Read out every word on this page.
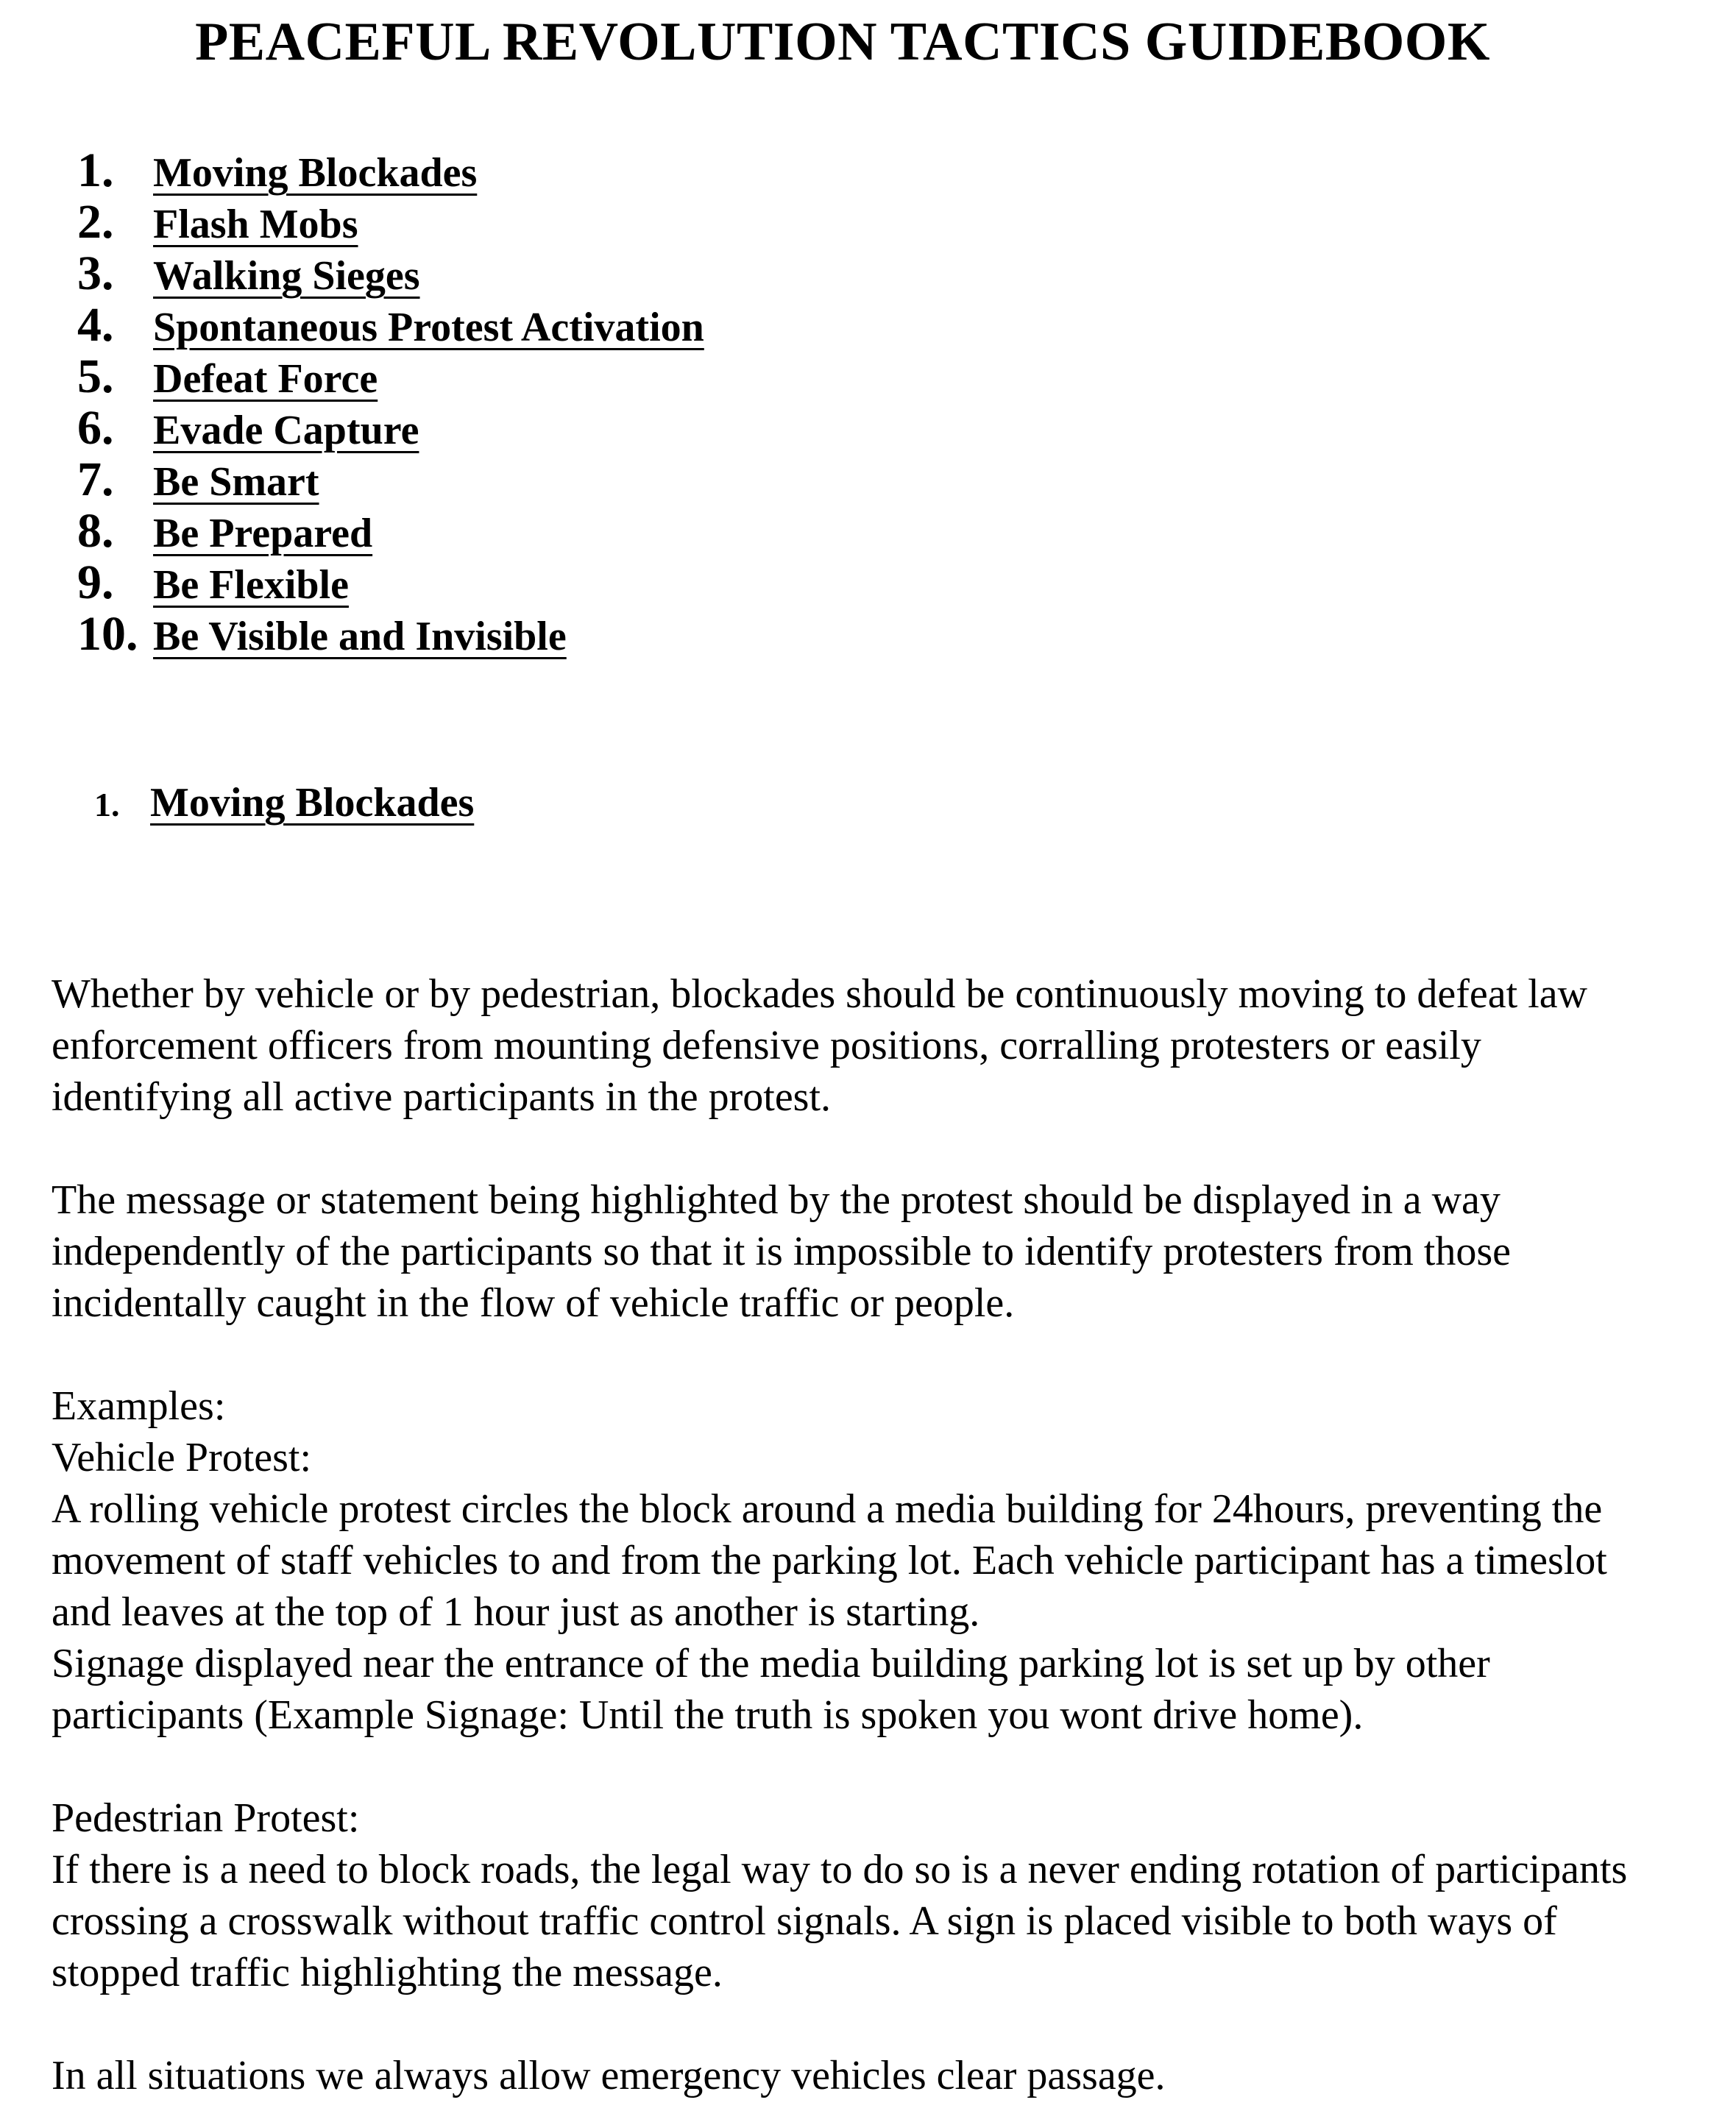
PEACEFUL REVOLUTION TACTICS GUIDEBOOK
1. Moving Blockades
2. Flash Mobs
3. Walking Sieges
4. Spontaneous Protest Activation
5. Defeat Force
6. Evade Capture
7. Be Smart
8. Be Prepared
9. Be Flexible
10. Be Visible and Invisible
1. Moving Blockades
Whether by vehicle or by pedestrian, blockades should be continuously moving to defeat law
enforcement officers from mounting defensive positions, corralling protesters or easily
identifying all active participants in the protest.
The message or statement being highlighted by the protest should be displayed in a way
independently of the participants so that it is impossible to identify protesters from those
incidentally caught in the flow of vehicle traffic or people.
Examples:
Vehicle Protest:
A rolling vehicle protest circles the block around a media building for 24hours, preventing the
movement of staff vehicles to and from the parking lot. Each vehicle participant has a timeslot
and leaves at the top of 1 hour just as another is starting.
Signage displayed near the entrance of the media building parking lot is set up by other
participants (Example Signage: Until the truth is spoken you wont drive home).
Pedestrian Protest:
If there is a need to block roads, the legal way to do so is a never ending rotation of participants
crossing a crosswalk without traffic control signals. A sign is placed visible to both ways of
stopped traffic highlighting the message.
In all situations we always allow emergency vehicles clear passage.
